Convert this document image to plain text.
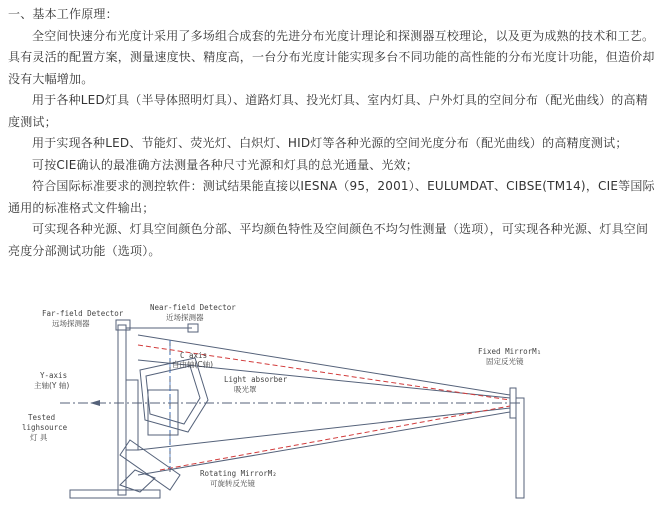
一、基本工作原理：

全空间快速分布光度计采用了多场组合成套的先进分布光度计理论和探测器互校理论，以及更为成熟的技术和工艺。具有灵活的配置方案，测量速度快、精度高，一台分布光度计能实现多台不同功能的高性能的分布光度计功能，但造价却没有大幅增加。

用于各种LED灯具（半导体照明灯具）、道路灯具、投光灯具、室内灯具、户外灯具的空间分布（配光曲线）的高精度测试；

用于实现各种LED、节能灯、荧光灯、白炽灯、HID灯等各种光源的空间光度分布（配光曲线）的高精度测试；

可按CIE确认的最准确方法测量各种尺寸光源和灯具的总光通量、光效；

符合国际标准要求的测控软件：测试结果能直接以IESNA（95，2001）、EULUMDAT、CIBSE(TM14)，CIE等国际通用的标准格式文件输出；

可实现各种光源、灯具空间颜色分部、平均颜色特性及空间颜色不均匀性测量（选项），可实现各种光源、灯具空间亮度分部测试功能（选项）。

Far-field Detector
远场探测器
Near-field Detector
近场探测器
C axis
自由轴(C轴)
Light absorber
吸光罩
Y-axis
主轴(Y 轴)
Tested
lighsource
灯 具
Fixed MirrorM₁
固定反光镜
Rotating MirrorM₂
可旋转反光镜
